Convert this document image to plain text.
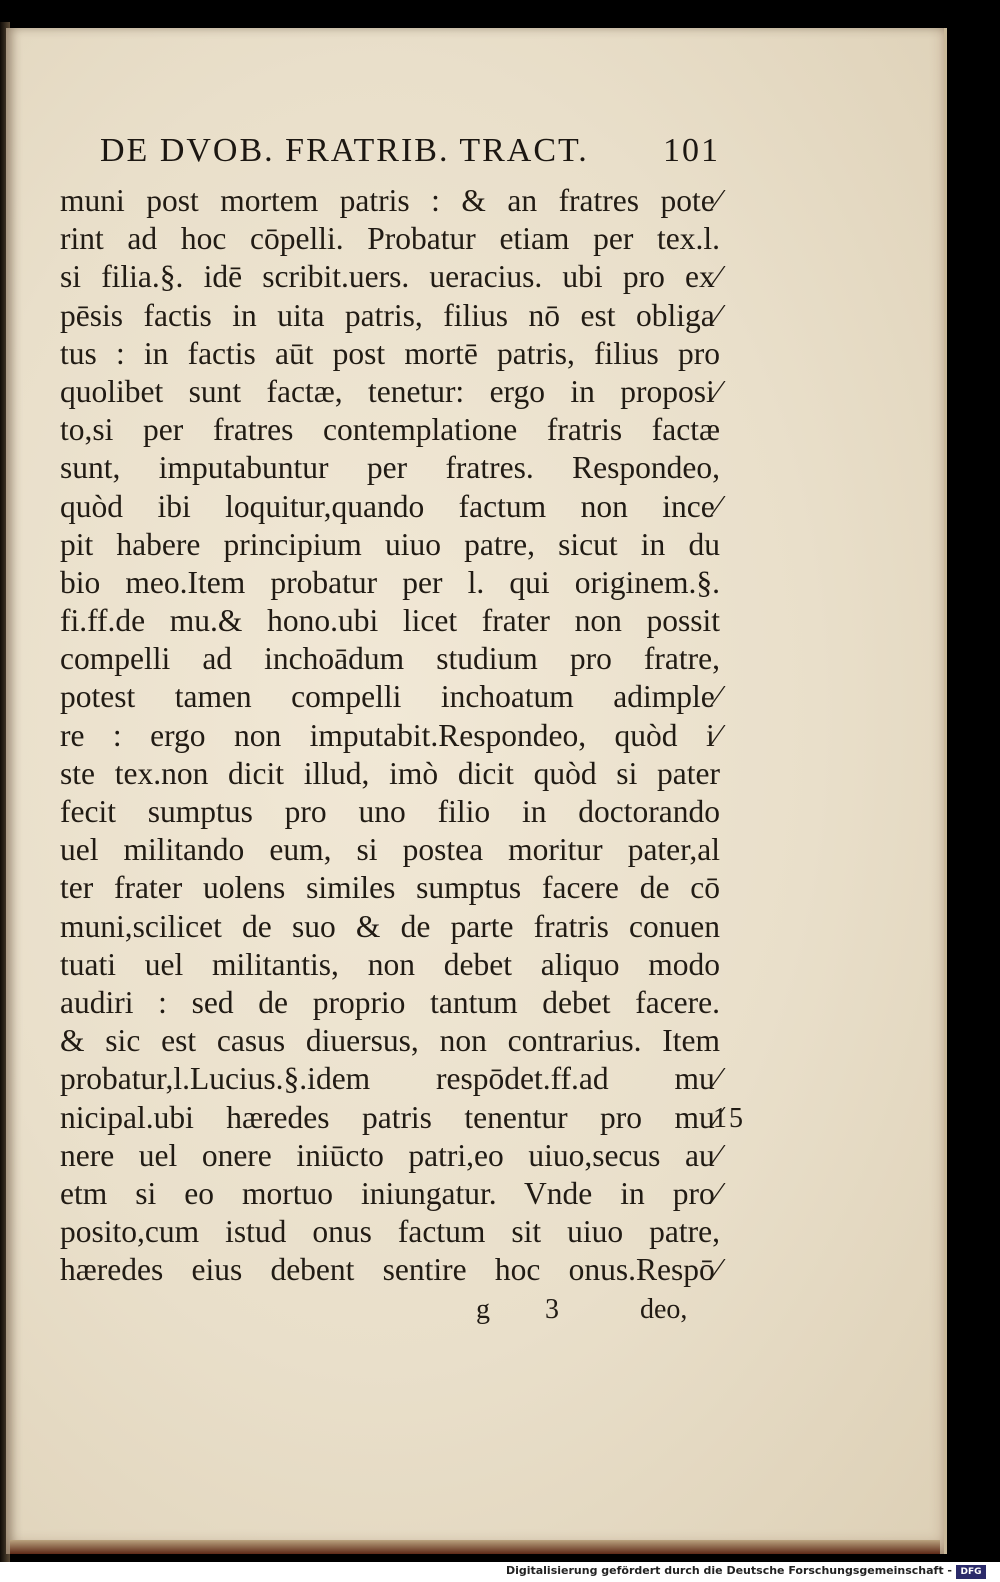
DE DVOB. FRATRIB. TRACT. 101
muni post mortem patris : & an fratres pote⁄
rint ad hoc cōpelli. Probatur etiam per tex.l.
si filia.§. idē scribit.uers. ueracius. ubi pro ex⁄
pēsis factis in uita patris, filius nō est obliga⁄
tus : in factis aūt post mortē patris, filius pro
quolibet sunt factæ, tenetur: ergo in proposi⁄
to,si per fratres contemplatione fratris factæ
sunt, imputabuntur per fratres. Respondeo,
quòd ibi loquitur,quando factum non ince⁄
pit habere principium uiuo patre, sicut in du
bio meo.Item probatur per l. qui originem.§.
fi.ff.de mu.& hono.ubi licet frater non possit
compelli ad inchoādum studium pro fratre,
potest tamen compelli inchoatum adimple⁄
re : ergo non imputabit.Respondeo, quòd i⁄
ste tex.non dicit illud, imò dicit quòd si pater
fecit sumptus pro uno filio in doctorando
uel militando eum, si postea moritur pater,al
ter frater uolens similes sumptus facere de cō
muni,scilicet de suo & de parte fratris conuen
tuati uel militantis, non debet aliquo modo
audiri : sed de proprio tantum debet facere.
& sic est casus diuersus, non contrarius. Item
probatur,l.Lucius.§.idem respōdet.ff.ad mu⁄
nicipal.ubi hæredes patris tenentur pro mu⁄
nere uel onere iniūcto patri,eo uiuo,secus au⁄
etm si eo mortuo iniungatur. Vnde in pro⁄
posito,cum istud onus factum sit uiuo patre,
hæredes eius debent sentire hoc onus.Respō⁄
15
g 3 deo,
Digitalisierung gefördert durch die Deutsche Forschungsgemeinschaft - DFG
